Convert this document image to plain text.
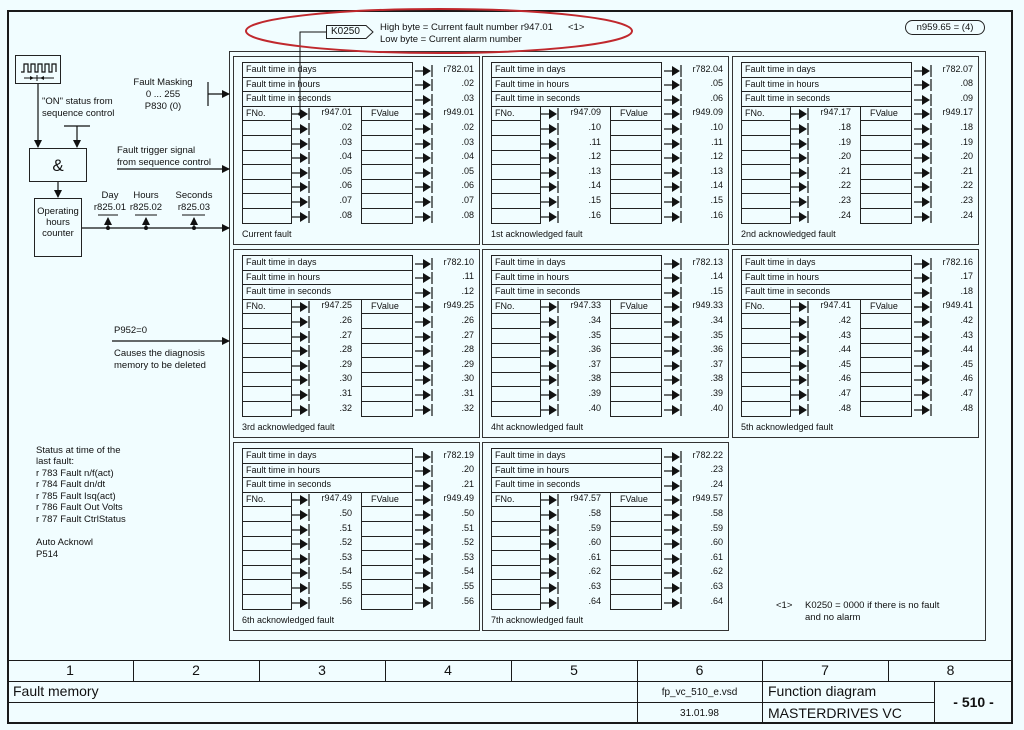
K0250 High byte = Current fault number r947.01 <1>
Low byte = Current alarm number
n959.65 = (4)
"ON" status from
sequence control
&
Operating
hours
counter
Fault Masking
0 ... 255
P830 (0)
Fault trigger signal
from sequence control
Day
r825.01
Hours
r825.02
Seconds
r825.03
P952=0
Causes the diagnosis
memory to be deleted
Status at time of the
last fault:
r 783 Fault n/f(act)
r 784 Fault dn/dt
r 785 Fault Isq(act)
r 786 Fault Out Volts
r 787 Fault CtrlStatus
Auto Acknowl
P514
Fault time in days	r782.01
Fault time in hours	.02
Fault time in seconds	.03
FNo.	r947.01 FValue	r949.01
.02	.02
.03	.03
.04	.04
.05	.05
.06	.06
.07	.07
.08	.08
Current fault
Fault time in days	r782.04
Fault time in hours	.05
Fault time in seconds	.06
FNo.	r947.09 FValue	r949.09
.10	.10
.11	.11
.12	.12
.13	.13
.14	.14
.15	.15
.16	.16
1st acknowledged fault
Fault time in days	r782.07
Fault time in hours	.08
Fault time in seconds	.09
FNo.	r947.17 FValue	r949.17
.18	.18
.19	.19
.20	.20
.21	.21
.22	.22
.23	.23
.24	.24
2nd acknowledged fault
Fault time in days	r782.10
Fault time in hours	.11
Fault time in seconds	.12
FNo.	r947.25 FValue	r949.25
.26	.26
.27	.27
.28	.28
.29	.29
.30	.30
.31	.31
.32	.32
3rd acknowledged fault
Fault time in days	r782.13
Fault time in hours	.14
Fault time in seconds	.15
FNo.	r947.33 FValue	r949.33
.34	.34
.35	.35
.36	.36
.37	.37
.38	.38
.39	.39
.40	.40
4ht acknowledged fault
Fault time in days	r782.16
Fault time in hours	.17
Fault time in seconds	.18
FNo.	r947.41 FValue	r949.41
.42	.42
.43	.43
.44	.44
.45	.45
.46	.46
.47	.47
.48	.48
5th acknowledged fault
Fault time in days	r782.19
Fault time in hours	.20
Fault time in seconds	.21
FNo.	r947.49 FValue	r949.49
.50	.50
.51	.51
.52	.52
.53	.53
.54	.54
.55	.55
.56	.56
6th acknowledged fault
Fault time in days	r782.22
Fault time in hours	.23
Fault time in seconds	.24
FNo.	r947.57 FValue	r949.57
.58	.58
.59	.59
.60	.60
.61	.61
.62	.62
.63	.63
.64	.64
7th acknowledged fault
<1> K0250 = 0000 if there is no fault
and no alarm
1	2	3	4	5	6	7	8
Fault memory	fp_vc_510_e.vsd
31.01.98
Function diagram
MASTERDRIVES VC
- 510 -
